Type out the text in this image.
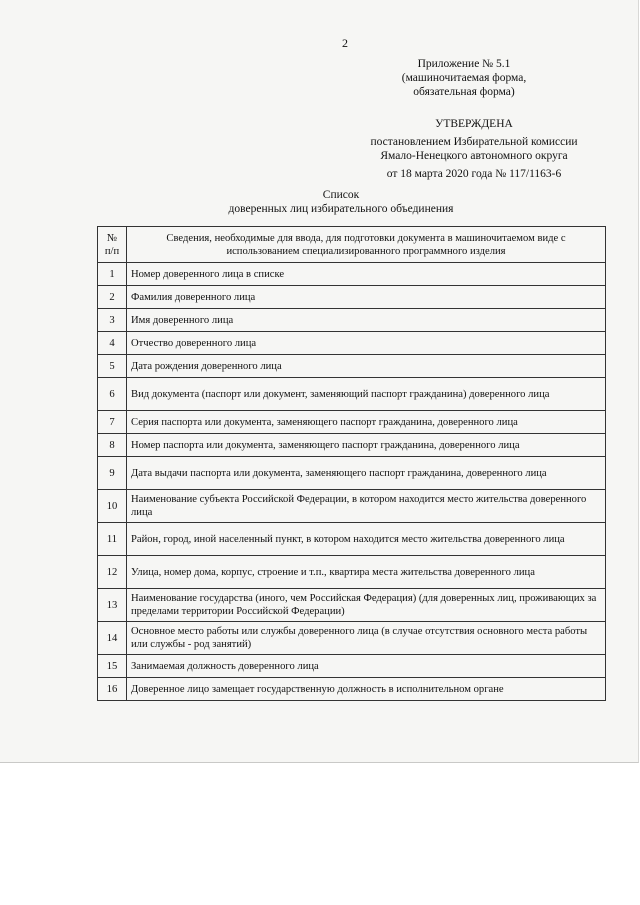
2
Приложение № 5.1
(машиночитаемая форма,
обязательная форма)
УТВЕРЖДЕНА
постановлением Избирательной комиссии
Ямало-Ненецкого автономного округа
от 18 марта 2020 года № 117/1163-6
Список
доверенных лиц избирательного объединения
№ п/п	Сведения, необходимые для ввода, для подготовки документа в машиночитаемом виде с использованием специализированного программного изделия
1	Номер доверенного лица в списке
2	Фамилия доверенного лица
3	Имя доверенного лица
4	Отчество доверенного лица
5	Дата рождения доверенного лица
6	Вид документа (паспорт или документ, заменяющий паспорт гражданина) доверенного лица
7	Серия паспорта или документа, заменяющего паспорт гражданина, доверенного лица
8	Номер паспорта или документа, заменяющего паспорт гражданина, доверенного лица
9	Дата выдачи паспорта или документа, заменяющего паспорт гражданина, доверенного лица
10	Наименование субъекта Российской Федерации, в котором находится место жительства доверенного лица
11	Район, город, иной населенный пункт, в котором находится место жительства доверенного лица
12	Улица, номер дома, корпус, строение и т.п., квартира места жительства доверенного лица
13	Наименование государства (иного, чем Российская Федерация) (для доверенных лиц, проживающих за пределами территории Российской Федерации)
14	Основное место работы или службы доверенного лица (в случае отсутствия основного места работы или службы - род занятий)
15	Занимаемая должность доверенного лица
16	Доверенное лицо замещает государственную должность в исполнительном органе
